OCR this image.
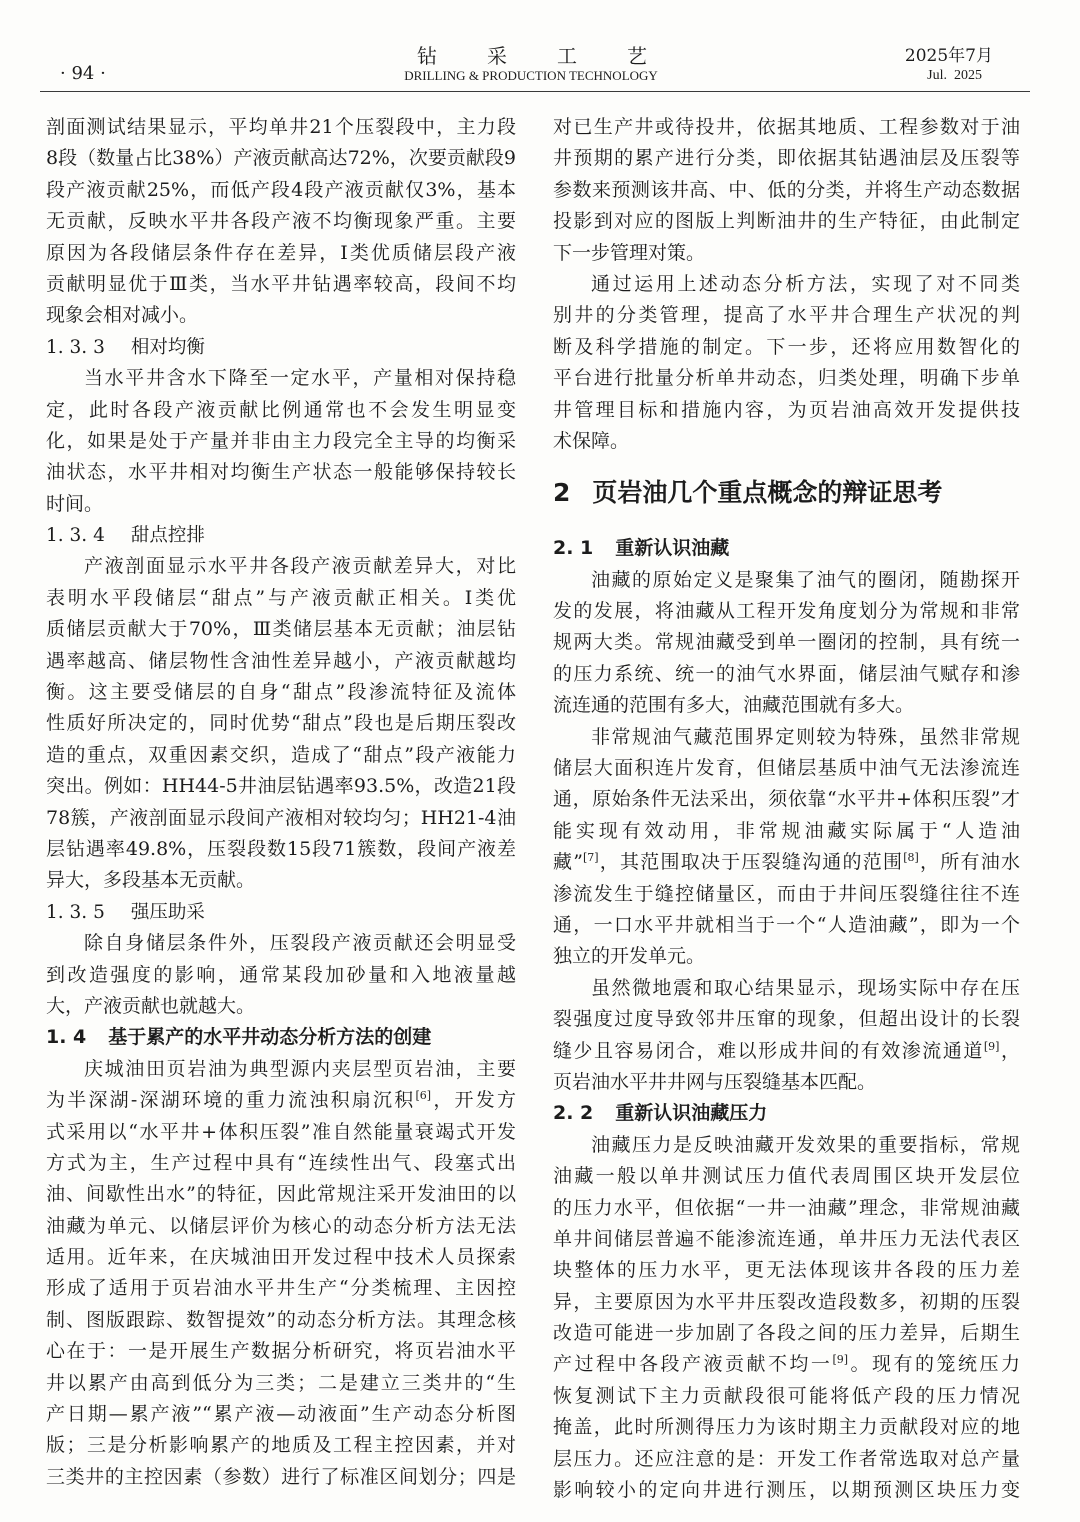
· 94 ·
钻采工艺
DRILLING & PRODUCTION TECHNOLOGY
2025年7月
Jul.  2025
剖面测试结果显示，平均单井21个压裂段中，主力段
8段（数量占比38%）产液贡献高达72%，次要贡献段9
段产液贡献25%，而低产段4段产液贡献仅3%，基本
无贡献，反映水平井各段产液不均衡现象严重。主要
原因为各段储层条件存在差异，Ⅰ类优质储层段产液
贡献明显优于Ⅲ类，当水平井钻遇率较高，段间不均
现象会相对减小。
1. 3. 3 相对均衡
当水平井含水下降至一定水平，产量相对保持稳
定，此时各段产液贡献比例通常也不会发生明显变
化，如果是处于产量并非由主力段完全主导的均衡采
油状态，水平井相对均衡生产状态一般能够保持较长
时间。
1. 3. 4 甜点控排
产液剖面显示水平井各段产液贡献差异大，对比
表明水平段储层“甜点”与产液贡献正相关。Ⅰ类优
质储层贡献大于70%，Ⅲ类储层基本无贡献；油层钻
遇率越高、储层物性含油性差异越小，产液贡献越均
衡。这主要受储层的自身“甜点”段渗流特征及流体
性质好所决定的，同时优势“甜点”段也是后期压裂改
造的重点，双重因素交织，造成了“甜点”段产液能力
突出。例如：HH44-5井油层钻遇率93.5%，改造21段
78簇，产液剖面显示段间产液相对较均匀；HH21-4油
层钻遇率49.8%，压裂段数15段71簇数，段间产液差
异大，多段基本无贡献。
1. 3. 5 强压助采
除自身储层条件外，压裂段产液贡献还会明显受
到改造强度的影响，通常某段加砂量和入地液量越
大，产液贡献也就越大。
1. 4 基于累产的水平井动态分析方法的创建
庆城油田页岩油为典型源内夹层型页岩油，主要
为半深湖-深湖环境的重力流浊积扇沉积[6]，开发方
式采用以“水平井+体积压裂”准自然能量衰竭式开发
方式为主，生产过程中具有“连续性出气、段塞式出
油、间歇性出水”的特征，因此常规注采开发油田的以
油藏为单元、以储层评价为核心的动态分析方法无法
适用。近年来，在庆城油田开发过程中技术人员探索
形成了适用于页岩油水平井生产“分类梳理、主因控
制、图版跟踪、数智提效”的动态分析方法。其理念核
心在于：一是开展生产数据分析研究，将页岩油水平
井以累产由高到低分为三类；二是建立三类井的“生
产日期—累产液”“累产液—动液面”生产动态分析图
版；三是分析影响累产的地质及工程主控因素，并对
三类井的主控因素（参数）进行了标准区间划分；四是
对已生产井或待投井，依据其地质、工程参数对于油
井预期的累产进行分类，即依据其钻遇油层及压裂等
参数来预测该井高、中、低的分类，并将生产动态数据
投影到对应的图版上判断油井的生产特征，由此制定
下一步管理对策。
通过运用上述动态分析方法，实现了对不同类
别井的分类管理，提高了水平井合理生产状况的判
断及科学措施的制定。下一步，还将应用数智化的
平台进行批量分析单井动态，归类处理，明确下步单
井管理目标和措施内容，为页岩油高效开发提供技
术保障。
2 页岩油几个重点概念的辩证思考
2. 1 重新认识油藏
油藏的原始定义是聚集了油气的圈闭，随勘探开
发的发展，将油藏从工程开发角度划分为常规和非常
规两大类。常规油藏受到单一圈闭的控制，具有统一
的压力系统、统一的油气水界面，储层油气赋存和渗
流连通的范围有多大，油藏范围就有多大。
非常规油气藏范围界定则较为特殊，虽然非常规
储层大面积连片发育，但储层基质中油气无法渗流连
通，原始条件无法采出，须依靠“水平井+体积压裂”才
能实现有效动用，非常规油藏实际属于“人造油
藏”[7]，其范围取决于压裂缝沟通的范围[8]，所有油水
渗流发生于缝控储量区，而由于井间压裂缝往往不连
通，一口水平井就相当于一个“人造油藏”，即为一个
独立的开发单元。
虽然微地震和取心结果显示，现场实际中存在压
裂强度过度导致邻井压窜的现象，但超出设计的长裂
缝少且容易闭合，难以形成井间的有效渗流通道[9]，
页岩油水平井井网与压裂缝基本匹配。
2. 2 重新认识油藏压力
油藏压力是反映油藏开发效果的重要指标，常规
油藏一般以单井测试压力值代表周围区块开发层位
的压力水平，但依据“一井一油藏”理念，非常规油藏
单井间储层普遍不能渗流连通，单井压力无法代表区
块整体的压力水平，更无法体现该井各段的压力差
异，主要原因为水平井压裂改造段数多，初期的压裂
改造可能进一步加剧了各段之间的压力差异，后期生
产过程中各段产液贡献不均一[9]。现有的笼统压力
恢复测试下主力贡献段很可能将低产段的压力情况
掩盖，此时所测得压力为该时期主力贡献段对应的地
层压力。还应注意的是：开发工作者常选取对总产量
影响较小的定向井进行测压，以期预测区块压力变
